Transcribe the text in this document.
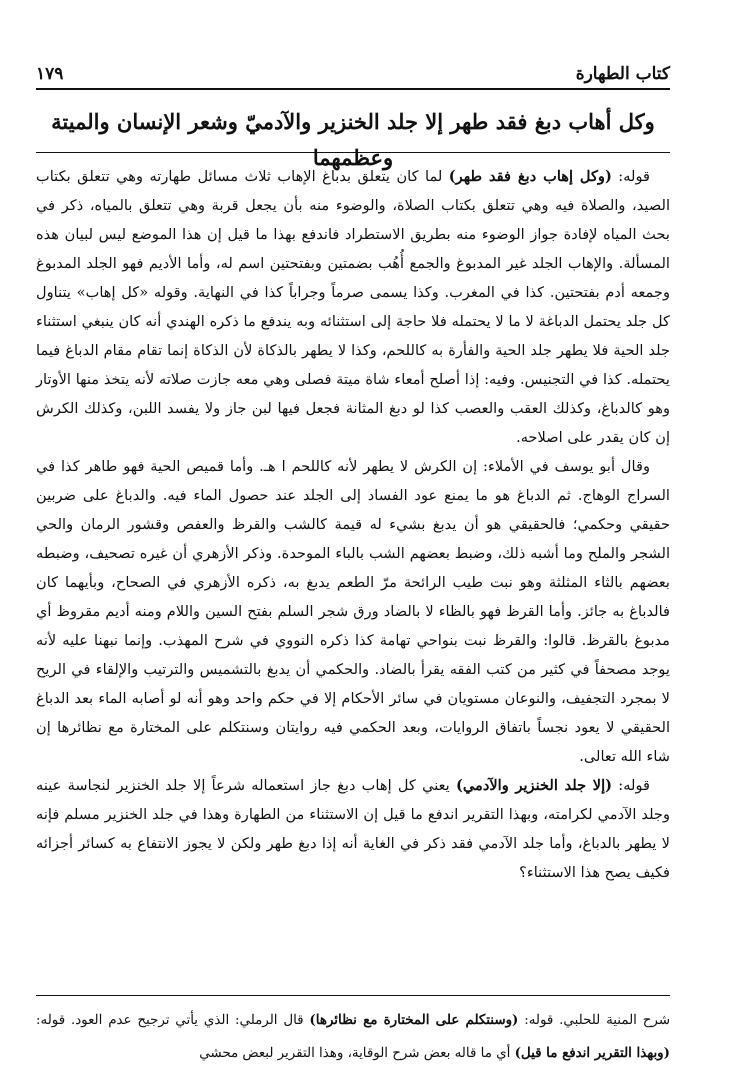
كتاب الطهارة
١٧٩
وكل أهاب دبغ فقد طهر إلا جلد الخنزير والآدميّ وشعر الإنسان والميتة وعظمهما

قوله: (وكل إهاب دبغ فقد طهر) لما كان يتعلق بدباغ الإهاب ثلاث مسائل طهارته وهي تتعلق بكتاب الصيد، والصلاة فيه وهي تتعلق بكتاب الصلاة، والوضوء منه بأن يجعل قربة وهي تتعلق بالمياه، ذكر في بحث المياه لإفادة جواز الوضوء منه بطريق الاستطراد فاندفع بهذا ما قيل إن هذا الموضع ليس لبيان هذه المسألة. والإهاب الجلد غير المدبوغ والجمع أُهُب بضمتين وبفتحتين اسم له، وأما الأديم فهو الجلد المدبوغ وجمعه أدم بفتحتين. كذا في المغرب. وكذا يسمى صرماً وجراباً كذا في النهاية. وقوله «كل إهاب» يتناول كل جلد يحتمل الدباغة لا ما لا يحتمله فلا حاجة إلى استثنائه وبه يندفع ما ذكره الهندي أنه كان ينبغي استثناء جلد الحية فلا يطهر جلد الحية والفأرة به كاللحم، وكذا لا يطهر بالذكاة لأن الذكاة إنما تقام مقام الدباغ فيما يحتمله. كذا في التجنيس. وفيه: إذا أصلح أمعاء شاة ميتة فصلى وهي معه جازت صلاته لأنه يتخذ منها الأوتار وهو كالدباغ، وكذلك العقب والعصب كذا لو دبغ المثانة فجعل فيها لبن جاز ولا يفسد اللبن، وكذلك الكرش إن كان يقدر على اصلاحه.

وقال أبو يوسف في الأملاء: إن الكرش لا يطهر لأنه كاللحم ا هـ. وأما قميص الحية فهو طاهر كذا في السراج الوهاج. ثم الدباغ هو ما يمنع عود الفساد إلى الجلد عند حصول الماء فيه. والدباغ على ضربين حقيقي وحكمي؛ فالحقيقي هو أن يدبغ بشيء له قيمة كالشب والقرظ والعفص وقشور الرمان والحي الشجر والملح وما أشبه ذلك، وضبط بعضهم الشب بالباء الموحدة. وذكر الأزهري أن غيره تصحيف، وضبطه بعضهم بالثاء المثلثة وهو نبت طيب الرائحة مرّ الطعم يدبغ به، ذكره الأزهري في الصحاح، وبأيهما كان فالدباغ به جائز. وأما القرظ فهو بالظاء لا بالضاد ورق شجر السلم بفتح السين واللام ومنه أديم مقروظ أي مدبوغ بالقرظ. قالوا: والقرظ نبت بنواحي تهامة كذا ذكره النووي في شرح المهذب. وإنما نبهنا عليه لأنه يوجد مصحفاً في كثير من كتب الفقه يقرأ بالضاد. والحكمي أن يدبغ بالتشميس والترتيب والإلقاء في الريح لا بمجرد التجفيف، والنوعان مستويان في سائر الأحكام إلا في حكم واحد وهو أنه لو أصابه الماء بعد الدباغ الحقيقي لا يعود نجساً باتفاق الروايات، وبعد الحكمي فيه روايتان وسنتكلم على المختارة مع نظائرها إن شاء الله تعالى.

قوله: (إلا جلد الخنزير والآدمي) يعني كل إهاب دبغ جاز استعماله شرعاً إلا جلد الخنزير لنجاسة عينه وجلد الآدمي لكرامته، وبهذا التقرير اندفع ما قيل إن الاستثناء من الطهارة وهذا في جلد الخنزير مسلم فإنه لا يطهر بالدباغ، وأما جلد الآدمي فقد ذكر في الغاية أنه إذا دبغ طهر ولكن لا يجوز الانتفاع به كسائر أجزائه فكيف يصح هذا الاستثناء؟

شرح المنية للحلبي. قوله: (وسنتكلم على المختارة مع نظائرها) قال الرملي: الذي يأتي ترجيح عدم العود. قوله: (وبهذا التقرير اندفع ما قيل) أي ما قاله بعض شرح الوقاية، وهذا التقرير لبعض محشي
